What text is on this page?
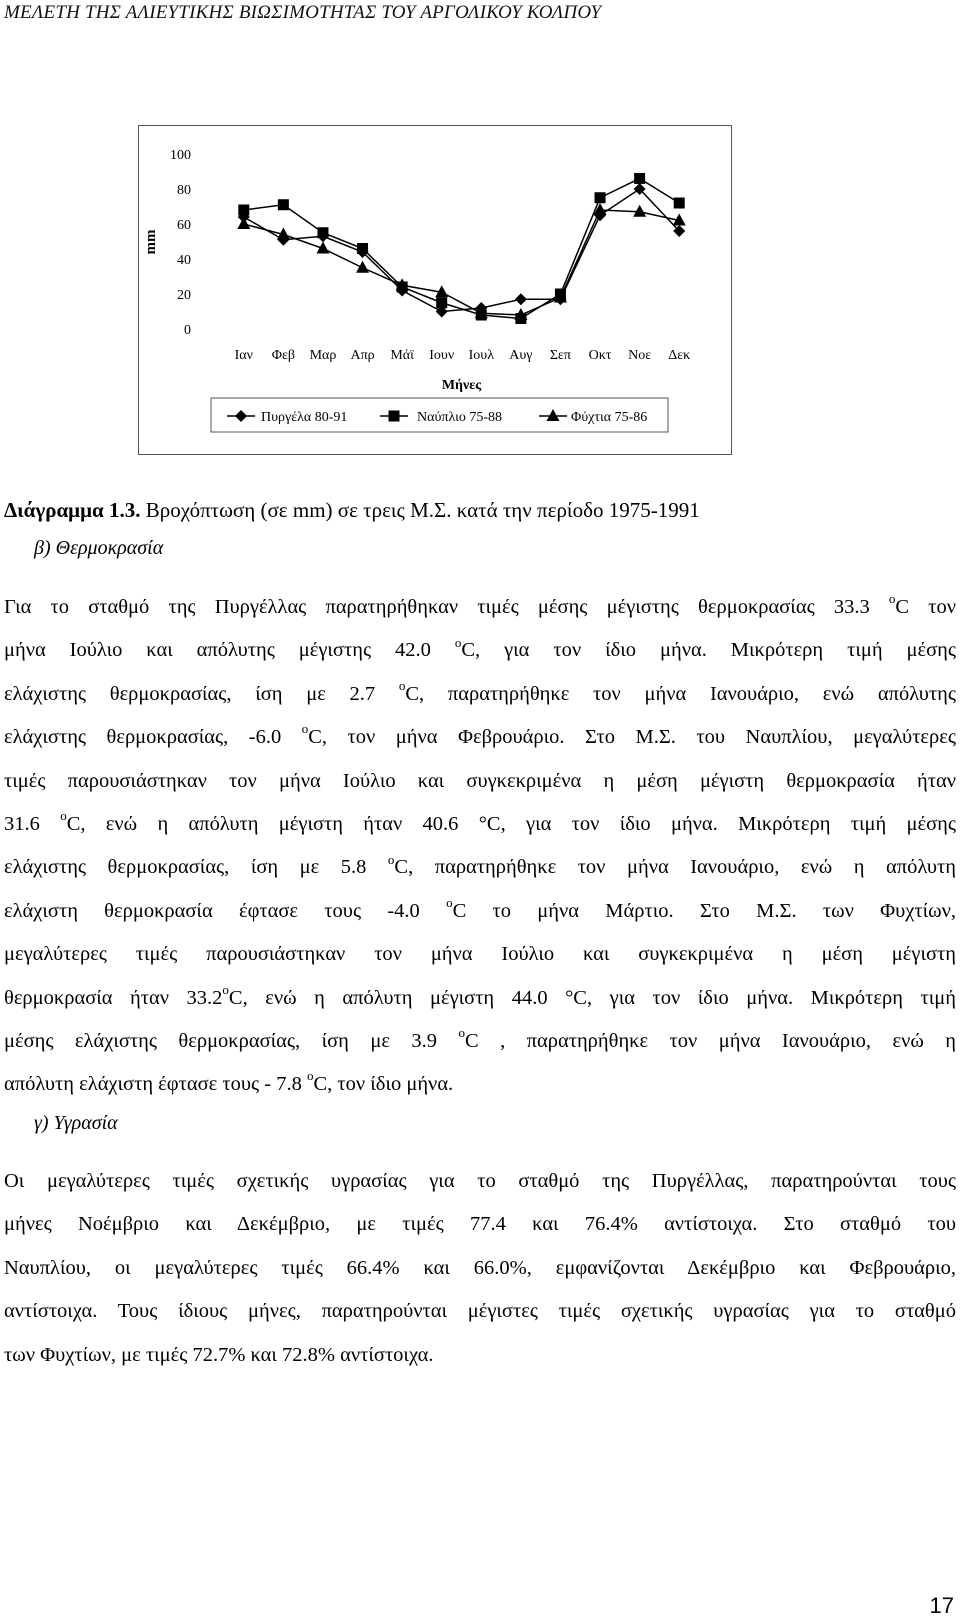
ΜΕΛΕΤΗ ΤΗΣ ΑΛΙΕΥΤΙΚΗΣ ΒΙΩΣΙΜΟΤΗΤΑΣ ΤΟΥ ΑΡΓΟΛΙΚΟΥ ΚΟΛΠΟΥ
mm
0
20
40
60
80
100
Ιαν Φεβ Μαρ Απρ Μάϊ Ιουν Ιουλ Αυγ Σεπ Οκτ Νοε Δεκ
Μήνες
Πυργέλα 80-91	Ναύπλιο 75-88	Φύχτια 75-86
Διάγραμμα 1.3. Βροχόπτωση (σε mm) σε τρεις Μ.Σ. κατά την περίοδο 1975-1991
β) Θερμοκρασία
Για το σταθμό της Πυργέλλας παρατηρήθηκαν τιμές μέσης μέγιστης θερμοκρασίας 33.3 $^o$C τον
μήνα Ιούλιο και απόλυτης μέγιστης 42.0 $^o$C, για τον ίδιο μήνα. Μικρότερη τιμή μέσης
ελάχιστης θερμοκρασίας, ίση με 2.7 $^o$C, παρατηρήθηκε τον μήνα Ιανουάριο, ενώ απόλυτης
ελάχιστης θερμοκρασίας, -6.0 $^o$C, τον μήνα Φεβρουάριο. Στο Μ.Σ. του Ναυπλίου, μεγαλύτερες
τιμές παρουσιάστηκαν τον μήνα Ιούλιο και συγκεκριμένα η μέση μέγιστη θερμοκρασία ήταν
31.6 $^o$C, ενώ η απόλυτη μέγιστη ήταν 40.6 °C, για τον ίδιο μήνα. Μικρότερη τιμή μέσης
ελάχιστης θερμοκρασίας, ίση με 5.8 $^o$C, παρατηρήθηκε τον μήνα Ιανουάριο, ενώ η απόλυτη
ελάχιστη θερμοκρασία έφτασε τους -4.0 $^o$C το μήνα Μάρτιο. Στο Μ.Σ. των Φυχτίων,
μεγαλύτερες τιμές παρουσιάστηκαν τον μήνα Ιούλιο και συγκεκριμένα η μέση μέγιστη
θερμοκρασία ήταν 33.2$^o$C, ενώ η απόλυτη μέγιστη 44.0 °C, για τον ίδιο μήνα. Μικρότερη τιμή
μέσης ελάχιστης θερμοκρασίας, ίση με 3.9 $^o$C , παρατηρήθηκε τον μήνα Ιανουάριο, ενώ η
απόλυτη ελάχιστη έφτασε τους - 7.8 $^o$C, τον ίδιο μήνα.
γ) Υγρασία
Οι μεγαλύτερες τιμές σχετικής υγρασίας για το σταθμό της Πυργέλλας, παρατηρούνται τους
μήνες Νοέμβριο και Δεκέμβριο, με τιμές 77.4 και 76.4% αντίστοιχα. Στο σταθμό του
Ναυπλίου, οι μεγαλύτερες τιμές 66.4% και 66.0%, εμφανίζονται Δεκέμβριο και Φεβρουάριο,
αντίστοιχα. Τους ίδιους μήνες, παρατηρούνται μέγιστες τιμές σχετικής υγρασίας για το σταθμό
των Φυχτίων, με τιμές 72.7% και 72.8% αντίστοιχα.
17
